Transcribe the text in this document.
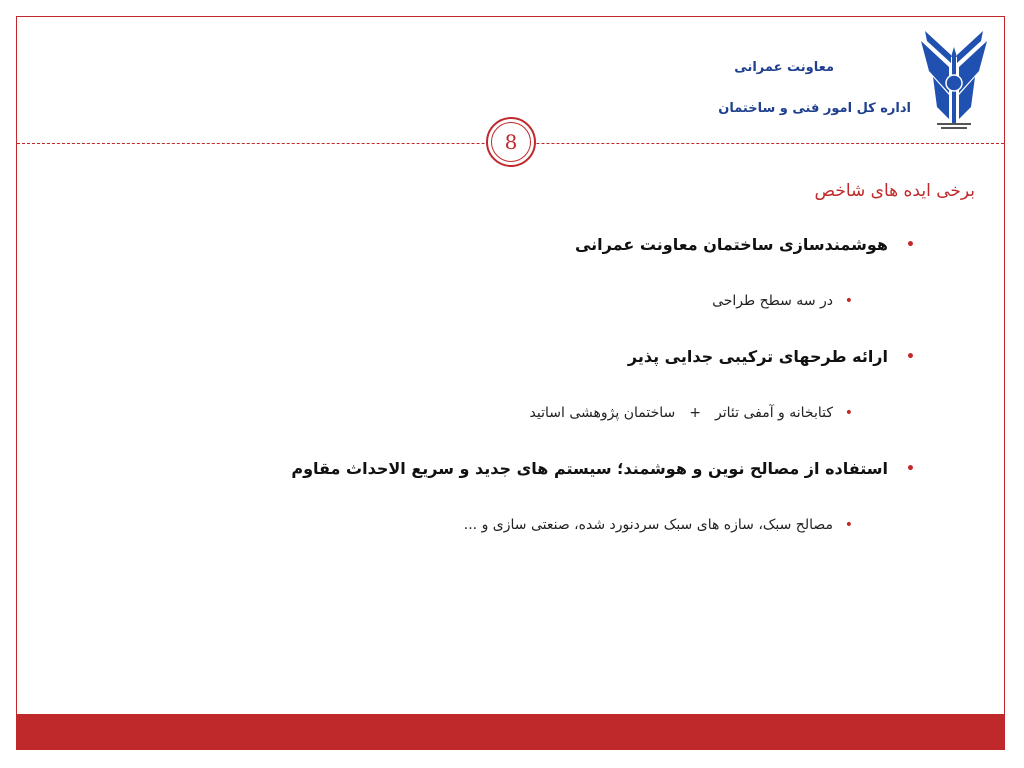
معاونت عمرانی
اداره کل امور فنی و ساختمان
8
برخی ایده های شاخص
• هوشمندسازی ساختمان معاونت عمرانی
• در سه سطح طراحی
• ارائه طرحهای ترکیبی جدایی پذیر
• کتابخانه و آمفی تئاتر+ساختمان پژوهشی اساتید
• استفاده از مصالح نوین و هوشمند؛ سیستم های جدید و سریع الاحداث مقاوم
• مصالح سبک، سازه های سبک سردنورد شده، صنعتی سازی و ...
